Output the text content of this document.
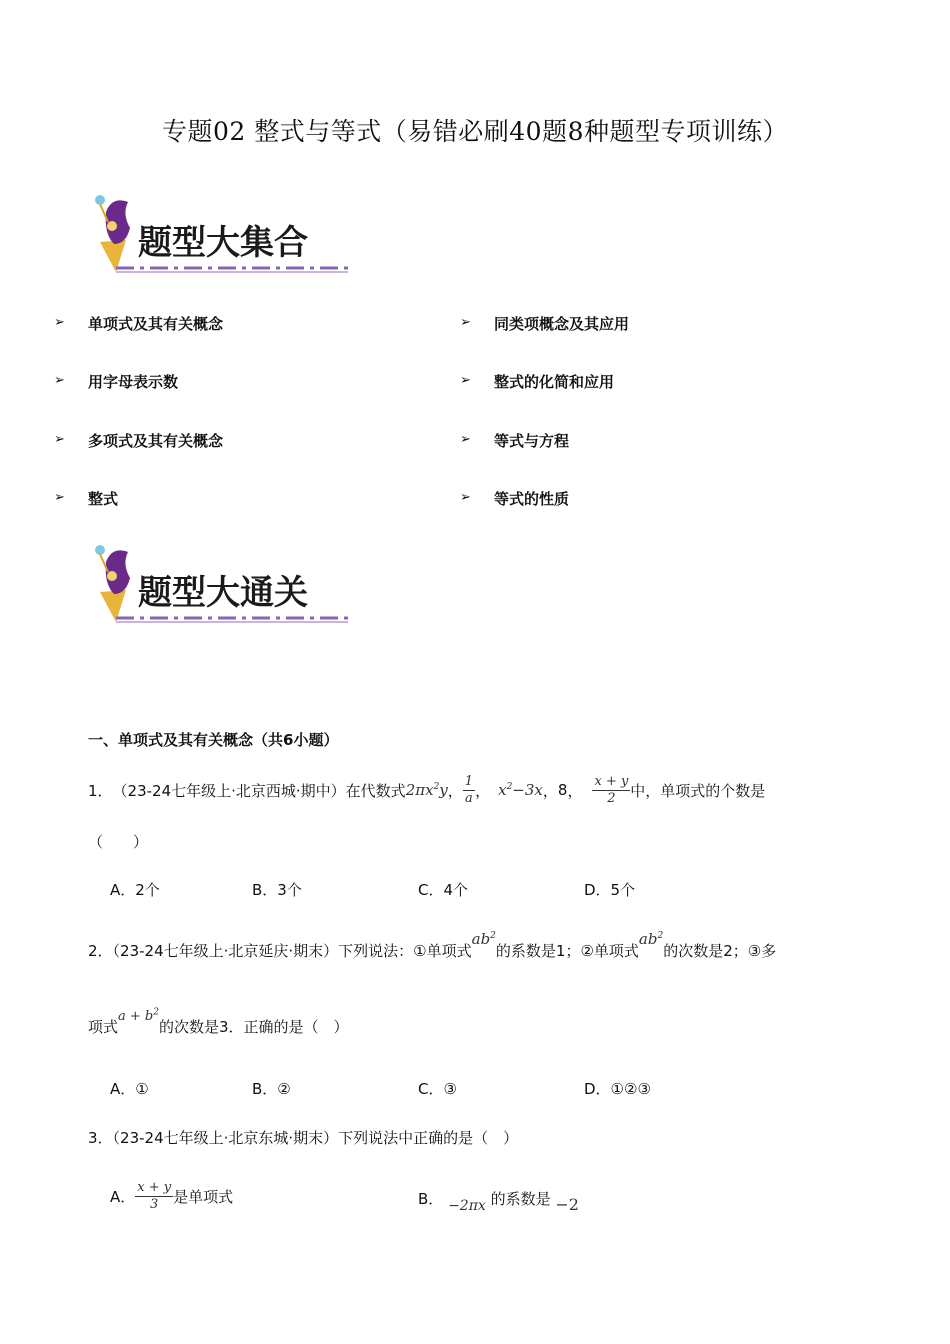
专题02 整式与等式（易错必刷40题8种题型专项训练）
题型大集合
➢ 单项式及其有关概念
➢ 用字母表示数
➢ 多项式及其有关概念
➢ 整式
➢ 同类项概念及其应用
➢ 整式的化简和应用
➢ 等式与方程
➢ 等式的性质
题型大通关
一、单项式及其有关概念（共6小题）
1． （23-24七年级上·北京西城·期中） 在代数式 $2\pi x^2y$ ， $\frac{1}{a}$ ， $x^2-3x$ ， 8 ， $\frac{x + y}{2}$ 中，单项式的个数是
（　　）
A．2个	B．3个	C．4个	D．5个
2．（23-24七年级上·北京延庆·期末）下列说法：①单项式$ab^2$的系数是1；②单项式$ab^2$的次数是2；③多
项式$a + b^2$的次数是3．正确的是（　）
A．①	B．②	C．③	D．①②③
3．（23-24七年级上·北京东城·期末）下列说法中正确的是（　）
A． $\frac{x + y}{3}$ 是单项式	B． −2πx 的系数是 −2
